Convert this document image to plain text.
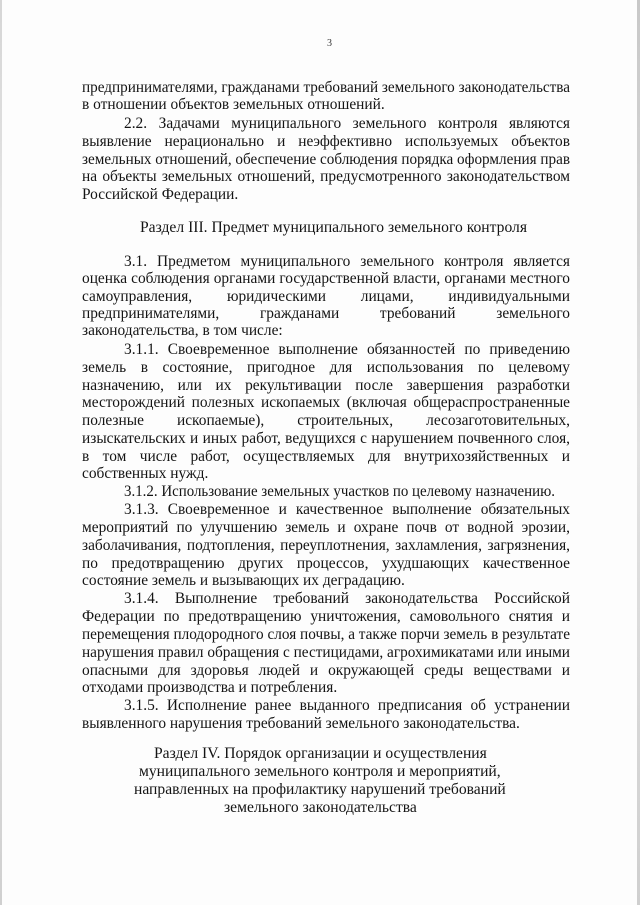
3
предпринимателями, гражданами требований земельного законодательства
в отношении объектов земельных отношений.
2.2. Задачами муниципального земельного контроля являются
выявление нерационально и неэффективно используемых объектов
земельных отношений, обеспечение соблюдения порядка оформления прав
на объекты земельных отношений, предусмотренного законодательством
Российской Федерации.
Раздел III. Предмет муниципального земельного контроля
3.1. Предметом муниципального земельного контроля является
оценка соблюдения органами государственной власти, органами местного
самоуправления, юридическими лицами, индивидуальными
предпринимателями, гражданами требований земельного
законодательства, в том числе:
3.1.1. Своевременное выполнение обязанностей по приведению
земель в состояние, пригодное для использования по целевому
назначению, или их рекультивации после завершения разработки
месторождений полезных ископаемых (включая общераспространенные
полезные ископаемые), строительных, лесозаготовительных,
изыскательских и иных работ, ведущихся с нарушением почвенного слоя,
в том числе работ, осуществляемых для внутрихозяйственных и
собственных нужд.
3.1.2. Использование земельных участков по целевому назначению.
3.1.3. Своевременное и качественное выполнение обязательных
мероприятий по улучшению земель и охране почв от водной эрозии,
заболачивания, подтопления, переуплотнения, захламления, загрязнения,
по предотвращению других процессов, ухудшающих качественное
состояние земель и вызывающих их деградацию.
3.1.4. Выполнение требований законодательства Российской
Федерации по предотвращению уничтожения, самовольного снятия и
перемещения плодородного слоя почвы, а также порчи земель в результате
нарушения правил обращения с пестицидами, агрохимикатами или иными
опасными для здоровья людей и окружающей среды веществами и
отходами производства и потребления.
3.1.5. Исполнение ранее выданного предписания об устранении
выявленного нарушения требований земельного законодательства.
Раздел IV. Порядок организации и осуществления
муниципального земельного контроля и мероприятий,
направленных на профилактику нарушений требований
земельного законодательства
